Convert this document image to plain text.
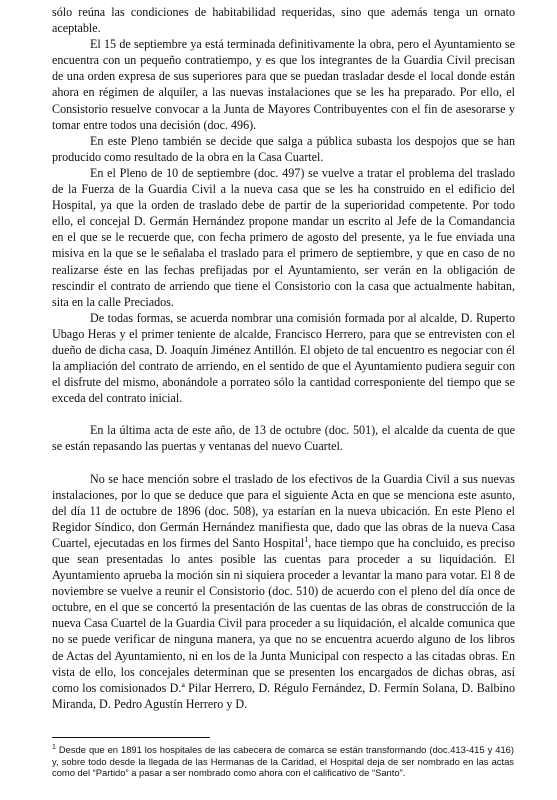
sólo reúna las condiciones de habitabilidad requeridas, sino que además tenga un ornato aceptable.

El 15 de septiembre ya está terminada definitivamente la obra, pero el Ayuntamiento se encuentra con un pequeño contratiempo, y es que los integrantes de la Guardia Civil precisan de una orden expresa de sus superiores para que se puedan trasladar desde el local donde están ahora en régimen de alquiler, a las nuevas instalaciones que se les ha preparado. Por ello, el Consistorio resuelve convocar a la Junta de Mayores Contribuyentes con el fin de asesorarse y tomar entre todos una decisión (doc. 496).

En este Pleno también se decide que salga a pública subasta los despojos que se han producido como resultado de la obra en la Casa Cuartel.

En el Pleno de 10 de septiembre (doc. 497) se vuelve a tratar el problema del traslado de la Fuerza de la Guardia Civil a la nueva casa que se les ha construido en el edificio del Hospital, ya que la orden de traslado debe de partir de la superioridad competente. Por todo ello, el concejal D. Germán Hernández propone mandar un escrito al Jefe de la Comandancia en el que se le recuerde que, con fecha primero de agosto del presente, ya le fue enviada una misiva en la que se le señalaba el traslado para el primero de septiembre, y que en caso de no realizarse éste en las fechas prefijadas por el Ayuntamiento, ser verán en la obligación de rescindir el contrato de arriendo que tiene el Consistorio con la casa que actualmente habitan, sita en la calle Preciados.

De todas formas, se acuerda nombrar una comisión formada por al alcalde, D. Ruperto Ubago Heras y el primer teniente de alcalde, Francisco Herrero, para que se entrevisten con el dueño de dicha casa, D. Joaquín Jiménez Antillón. El objeto de tal encuentro es negociar con él la ampliación del contrato de arriendo, en el sentido de que el Ayuntamiento pudiera seguir con el disfrute del mismo, abonándole a porrateo sólo la cantidad corresponiente del tiempo que se exceda del contrato inicial.

En la última acta de este año, de 13 de octubre (doc. 501), el alcalde da cuenta de que se están repasando las puertas y ventanas del nuevo Cuartel.

No se hace mención sobre el traslado de los efectivos de la Guardia Civil a sus nuevas instalaciones, por lo que se deduce que para el siguiente Acta en que se menciona este asunto, del día 11 de octubre de 1896 (doc. 508), ya estarían en la nueva ubicación. En este Pleno el Regidor Síndico, don Germán Hernández manifiesta que, dado que las obras de la nueva Casa Cuartel, ejecutadas en los firmes del Santo Hospital$^1$, hace tiempo que ha concluido, es preciso que sean presentadas lo antes posible las cuentas para proceder a su liquidación. El Ayuntamiento aprueba la moción sin ni siquiera proceder a levantar la mano para votar. El 8 de noviembre se vuelve a reunir el Consistorio (doc. 510) de acuerdo con el pleno del día once de octubre, en el que se concertó la presentación de las cuentas de las obras de construcción de la nueva Casa Cuartel de la Guardia Civil para proceder a su liquidación, el alcalde comunica que no se puede verificar de ninguna manera, ya que no se encuentra acuerdo alguno de los libros de Actas del Ayuntamiento, ni en los de la Junta Municipal con respecto a las citadas obras. En vista de ello, los concejales determinan que se presenten los encargados de dichas obras, así como los comisionados D.ª Pilar Herrero, D. Régulo Fernández, D. Fermín Solana, D. Balbino Miranda, D. Pedro Agustín Herrero y D.

$^1$ Desde que en 1891 los hospitales de las cabecera de comarca se están transformando (doc.413-415 y 416) y, sobre todo desde la llegada de las Hermanas de la Caridad, el Hospital deja de ser nombrado en las actas como del “Partido” a pasar a ser nombrado como ahora con el calificativo de “Santo”.
